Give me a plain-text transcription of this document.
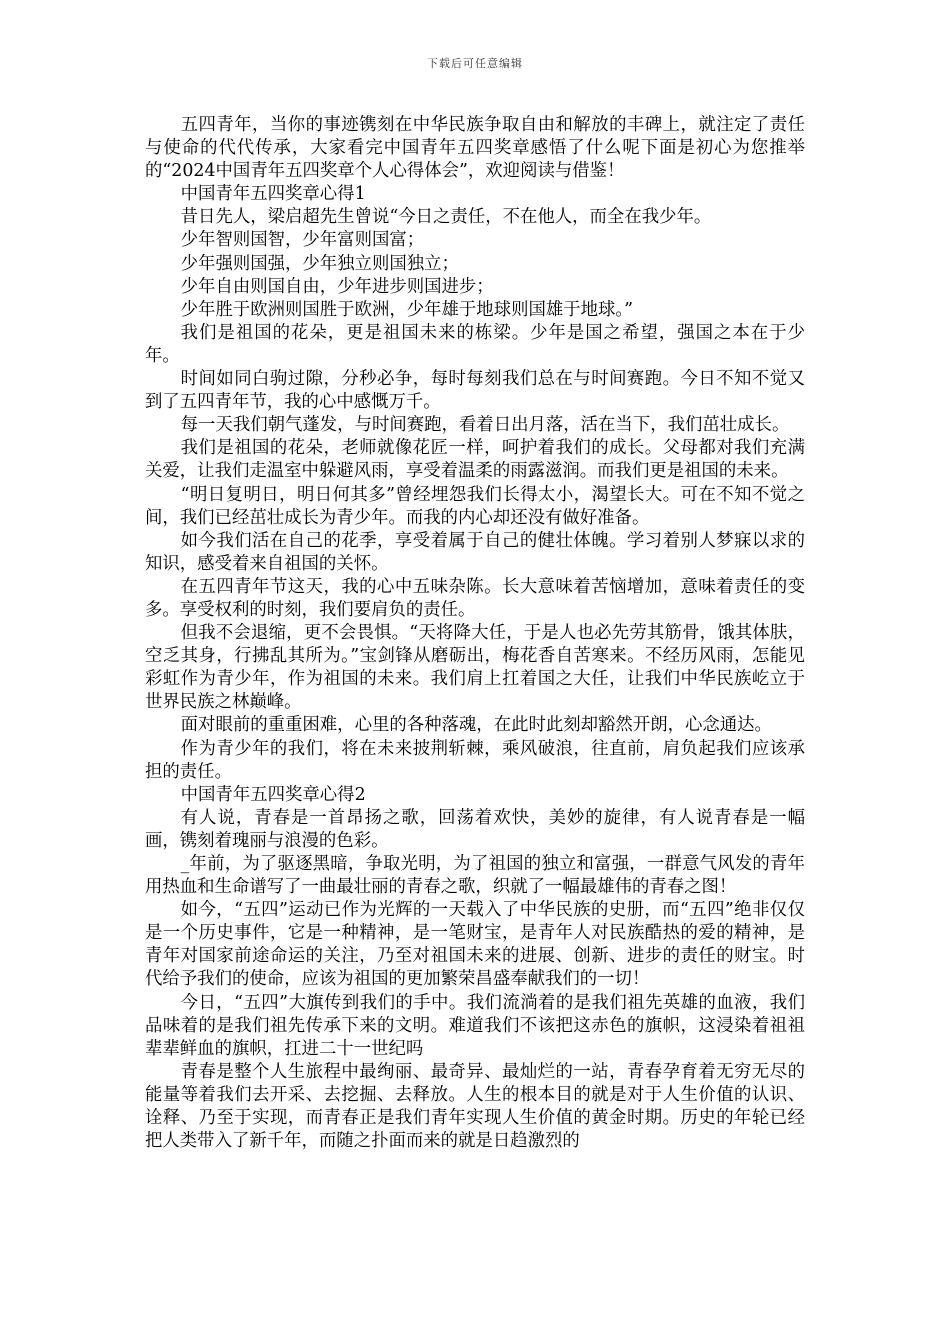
下载后可任意编辑

五四青年，当你的事迹镌刻在中华民族争取自由和解放的丰碑上，就注定了责任与使命的代代传承，大家看完中国青年五四奖章感悟了什么呢下面是初心为您推举的“2024中国青年五四奖章个人心得体会”，欢迎阅读与借鉴！

中国青年五四奖章心得1

昔日先人，梁启超先生曾说“今日之责任，不在他人，而全在我少年。

少年智则国智，少年富则国富；

少年强则国强，少年独立则国独立；

少年自由则国自由，少年进步则国进步；

少年胜于欧洲则国胜于欧洲，少年雄于地球则国雄于地球。”

我们是祖国的花朵，更是祖国未来的栋梁。少年是国之希望，强国之本在于少年。

时间如同白驹过隙，分秒必争，每时每刻我们总在与时间赛跑。今日不知不觉又到了五四青年节，我的心中感慨万千。

每一天我们朝气蓬发，与时间赛跑，看着日出月落，活在当下，我们茁壮成长。

我们是祖国的花朵，老师就像花匠一样，呵护着我们的成长。父母都对我们充满关爱，让我们走温室中躲避风雨，享受着温柔的雨露滋润。而我们更是祖国的未来。

“明日复明日，明日何其多”曾经埋怨我们长得太小，渴望长大。可在不知不觉之间，我们已经茁壮成长为青少年。而我的内心却还没有做好准备。

如今我们活在自己的花季，享受着属于自己的健壮体魄。学习着别人梦寐以求的知识，感受着来自祖国的关怀。

在五四青年节这天，我的心中五味杂陈。长大意味着苦恼增加，意味着责任的变多。享受权利的时刻，我们要肩负的责任。

但我不会退缩，更不会畏惧。“天将降大任，于是人也必先劳其筋骨，饿其体肤，空乏其身，行拂乱其所为。”宝剑锋从磨砺出，梅花香自苦寒来。不经历风雨，怎能见彩虹作为青少年，作为祖国的未来。我们肩上扛着国之大任，让我们中华民族屹立于世界民族之林巅峰。

面对眼前的重重困难，心里的各种落魂，在此时此刻却豁然开朗，心念通达。

作为青少年的我们，将在未来披荆斩棘，乘风破浪，往直前，肩负起我们应该承担的责任。

中国青年五四奖章心得2

有人说，青春是一首昂扬之歌，回荡着欢快，美妙的旋律，有人说青春是一幅画，镌刻着瑰丽与浪漫的色彩。

_年前，为了驱逐黑暗，争取光明，为了祖国的独立和富强，一群意气风发的青年用热血和生命谱写了一曲最壮丽的青春之歌，织就了一幅最雄伟的青春之图！

如今，“五四”运动已作为光辉的一天载入了中华民族的史册，而“五四”绝非仅仅是一个历史事件，它是一种精神，是一笔财宝，是青年人对民族酷热的爱的精神，是青年对国家前途命运的关注，乃至对祖国未来的进展、创新、进步的责任的财宝。时代给予我们的使命，应该为祖国的更加繁荣昌盛奉献我们的一切！

今日，“五四”大旗传到我们的手中。我们流淌着的是我们祖先英雄的血液，我们品味着的是我们祖先传承下来的文明。难道我们不该把这赤色的旗帜，这浸染着祖祖辈辈鲜血的旗帜，扛进二十一世纪吗

青春是整个人生旅程中最绚丽、最奇异、最灿烂的一站，青春孕育着无穷无尽的能量等着我们去开采、去挖掘、去释放。人生的根本目的就是对于人生价值的认识、诠释、乃至于实现，而青春正是我们青年实现人生价值的黄金时期。历史的年轮已经把人类带入了新千年，而随之扑面而来的就是日趋激烈的
